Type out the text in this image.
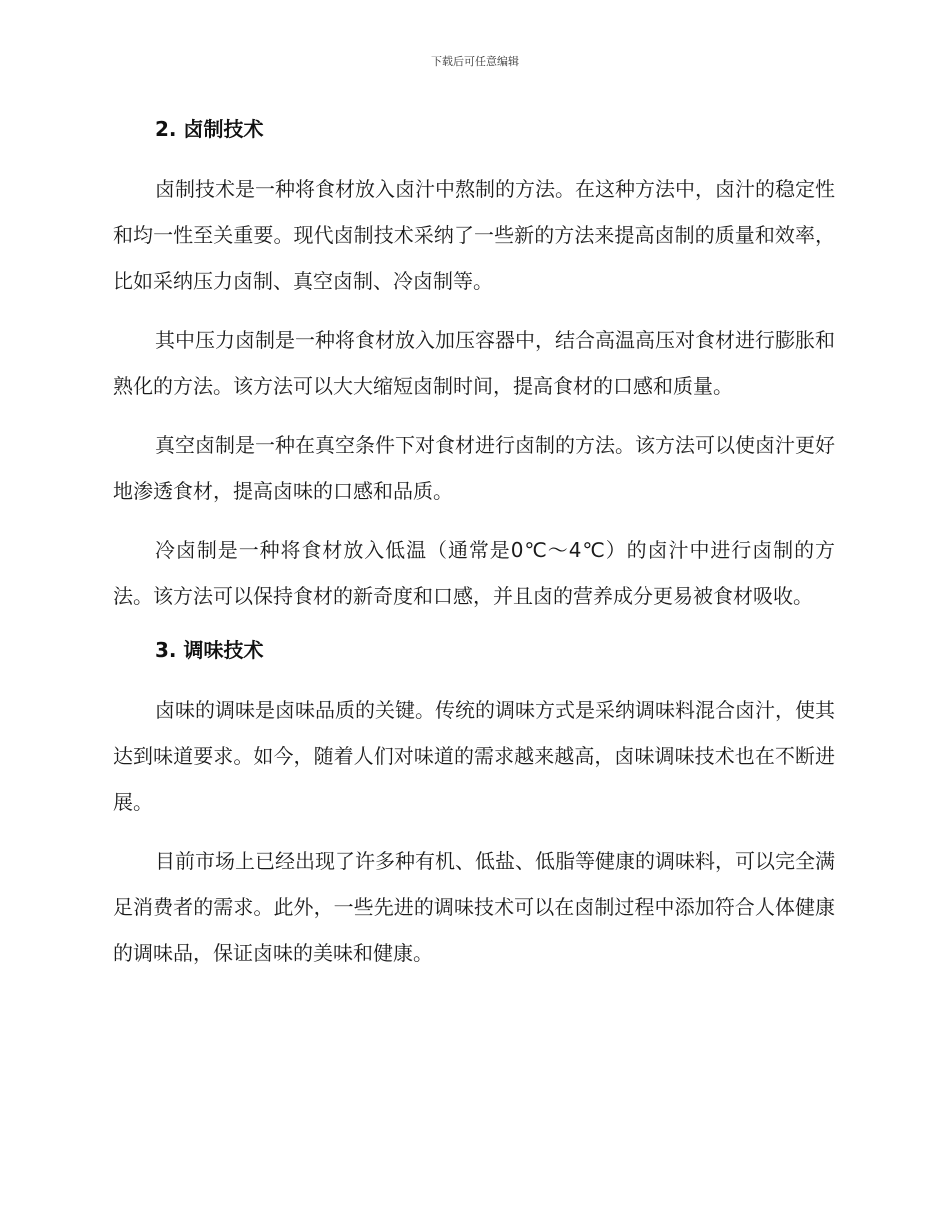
下载后可任意编辑
2. 卤制技术

卤制技术是一种将食材放入卤汁中熬制的方法。在这种方法中，卤汁的稳定性和均一性至关重要。现代卤制技术采纳了一些新的方法来提高卤制的质量和效率，比如采纳压力卤制、真空卤制、冷卤制等。

其中压力卤制是一种将食材放入加压容器中，结合高温高压对食材进行膨胀和熟化的方法。该方法可以大大缩短卤制时间，提高食材的口感和质量。

真空卤制是一种在真空条件下对食材进行卤制的方法。该方法可以使卤汁更好地渗透食材，提高卤味的口感和品质。

冷卤制是一种将食材放入低温（通常是0℃～4℃）的卤汁中进行卤制的方法。该方法可以保持食材的新奇度和口感，并且卤的营养成分更易被食材吸收。

3. 调味技术

卤味的调味是卤味品质的关键。传统的调味方式是采纳调味料混合卤汁，使其达到味道要求。如今，随着人们对味道的需求越来越高，卤味调味技术也在不断进展。

目前市场上已经出现了许多种有机、低盐、低脂等健康的调味料，可以完全满足消费者的需求。此外，一些先进的调味技术可以在卤制过程中添加符合人体健康的调味品，保证卤味的美味和健康。
